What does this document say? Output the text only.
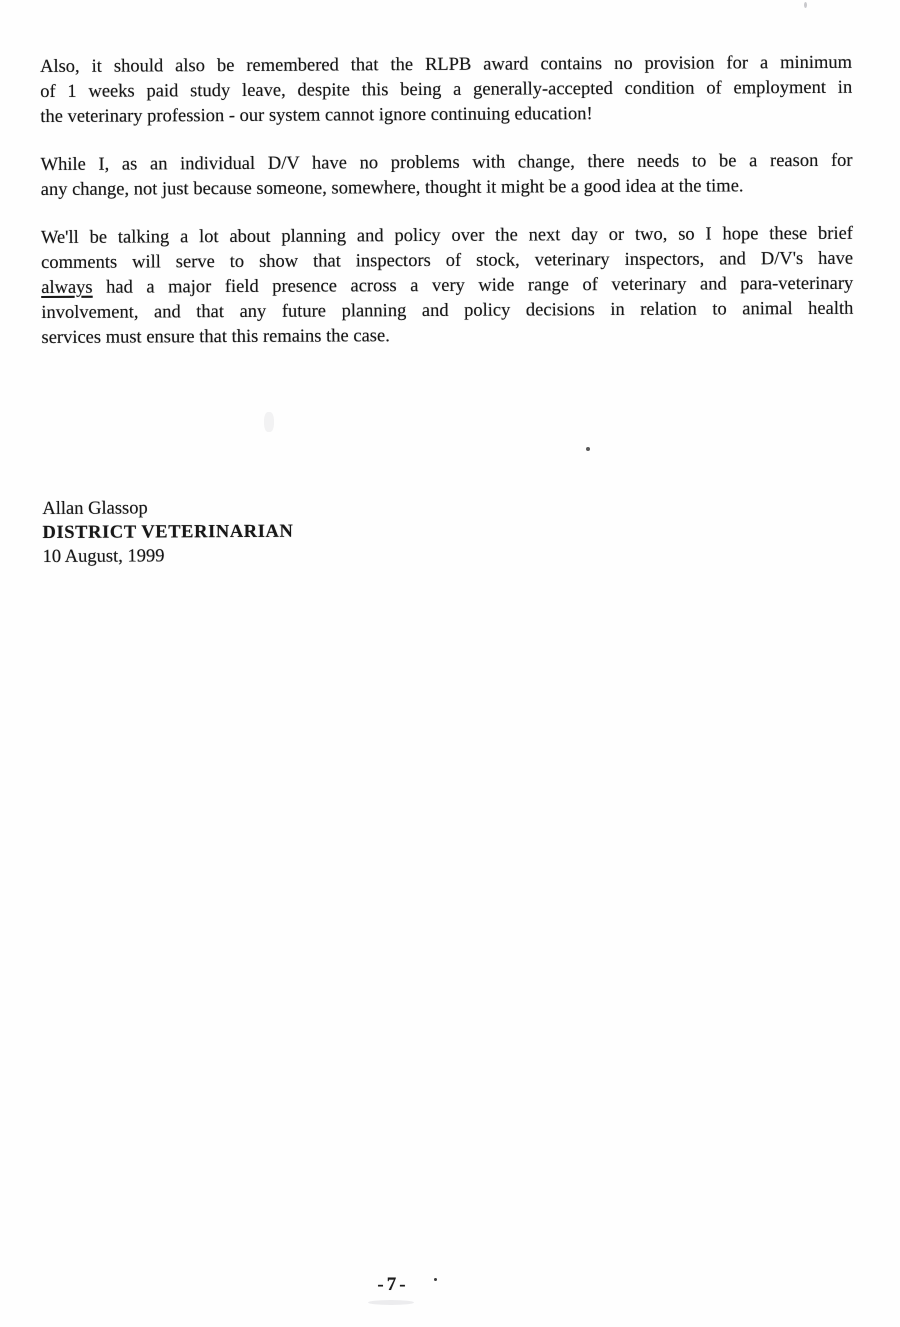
Also, it should also be remembered that the RLPB award contains no provision for a minimum
of 1 weeks paid study leave, despite this being a generally-accepted condition of employment in
the veterinary profession - our system cannot ignore continuing education!
While I, as an individual D/V have no problems with change, there needs to be a reason for
any change, not just because someone, somewhere, thought it might be a good idea at the time.
We'll be talking a lot about planning and policy over the next day or two, so I hope these brief
comments will serve to show that inspectors of stock, veterinary inspectors, and D/V's have
always had a major field presence across a very wide range of veterinary and para-veterinary
involvement, and that any future planning and policy decisions in relation to animal health
services must ensure that this remains the case.
Allan Glassop
DISTRICT VETERINARIAN
10 August, 1999
-7-
